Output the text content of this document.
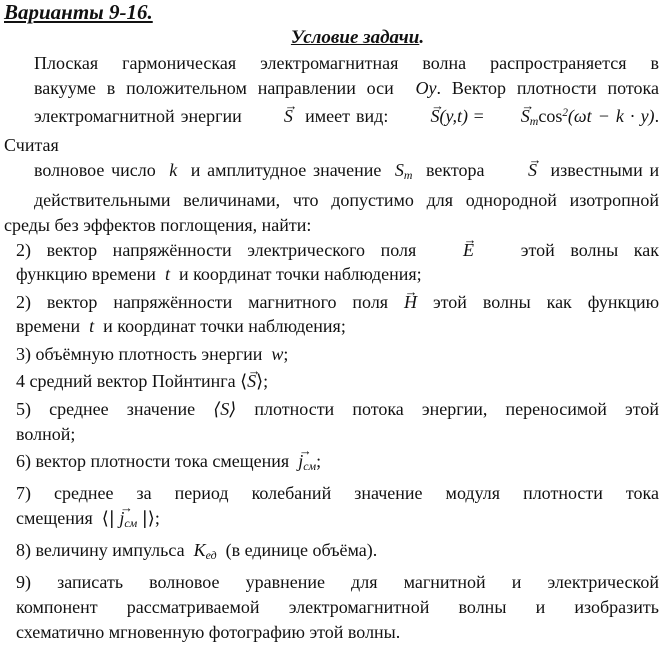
Варианты 9-16.
Условие задачи.
Плоская гармоническая электромагнитная волна распространяется в
вакууме в положительном направлении оси Oy. Вектор плотности потока
электромагнитной энергии → S имеет вид: → S(y,t) = → $S_m\cos^2(\omega t - k \cdot y)$. Считая
волновое число k и амплитудное значение $S_m$ вектора → S известными и
действительными величинами, что допустимо для однородной изотропной
среды без эффектов поглощения, найти:
2) вектор напряжённости электрического поля	→ E	этой волны как
функцию времени t и координат точки наблюдения;
2) вектор напряжённости магнитного поля → H этой волны как функцию
времени t и координат точки наблюдения;
3) объёмную плотность энергии w;
4 средний вектор Пойнтинга ⟨→ S⟩;
5) среднее значение ⟨S⟩ плотности потока энергии, переносимой этой
волной;
6) вектор плотности тока смещения → $j_{см}$;
7) среднее за период колебаний значение модуля плотности тока
смещения ⟨| → $j_{см}$ |⟩;
8) величину импульса $K_{ед}$ (в единице объёма).
9) записать волновое уравнение для магнитной и электрической
компонент рассматриваемой электромагнитной волны и изобразить
схематично мгновенную фотографию этой волны.
